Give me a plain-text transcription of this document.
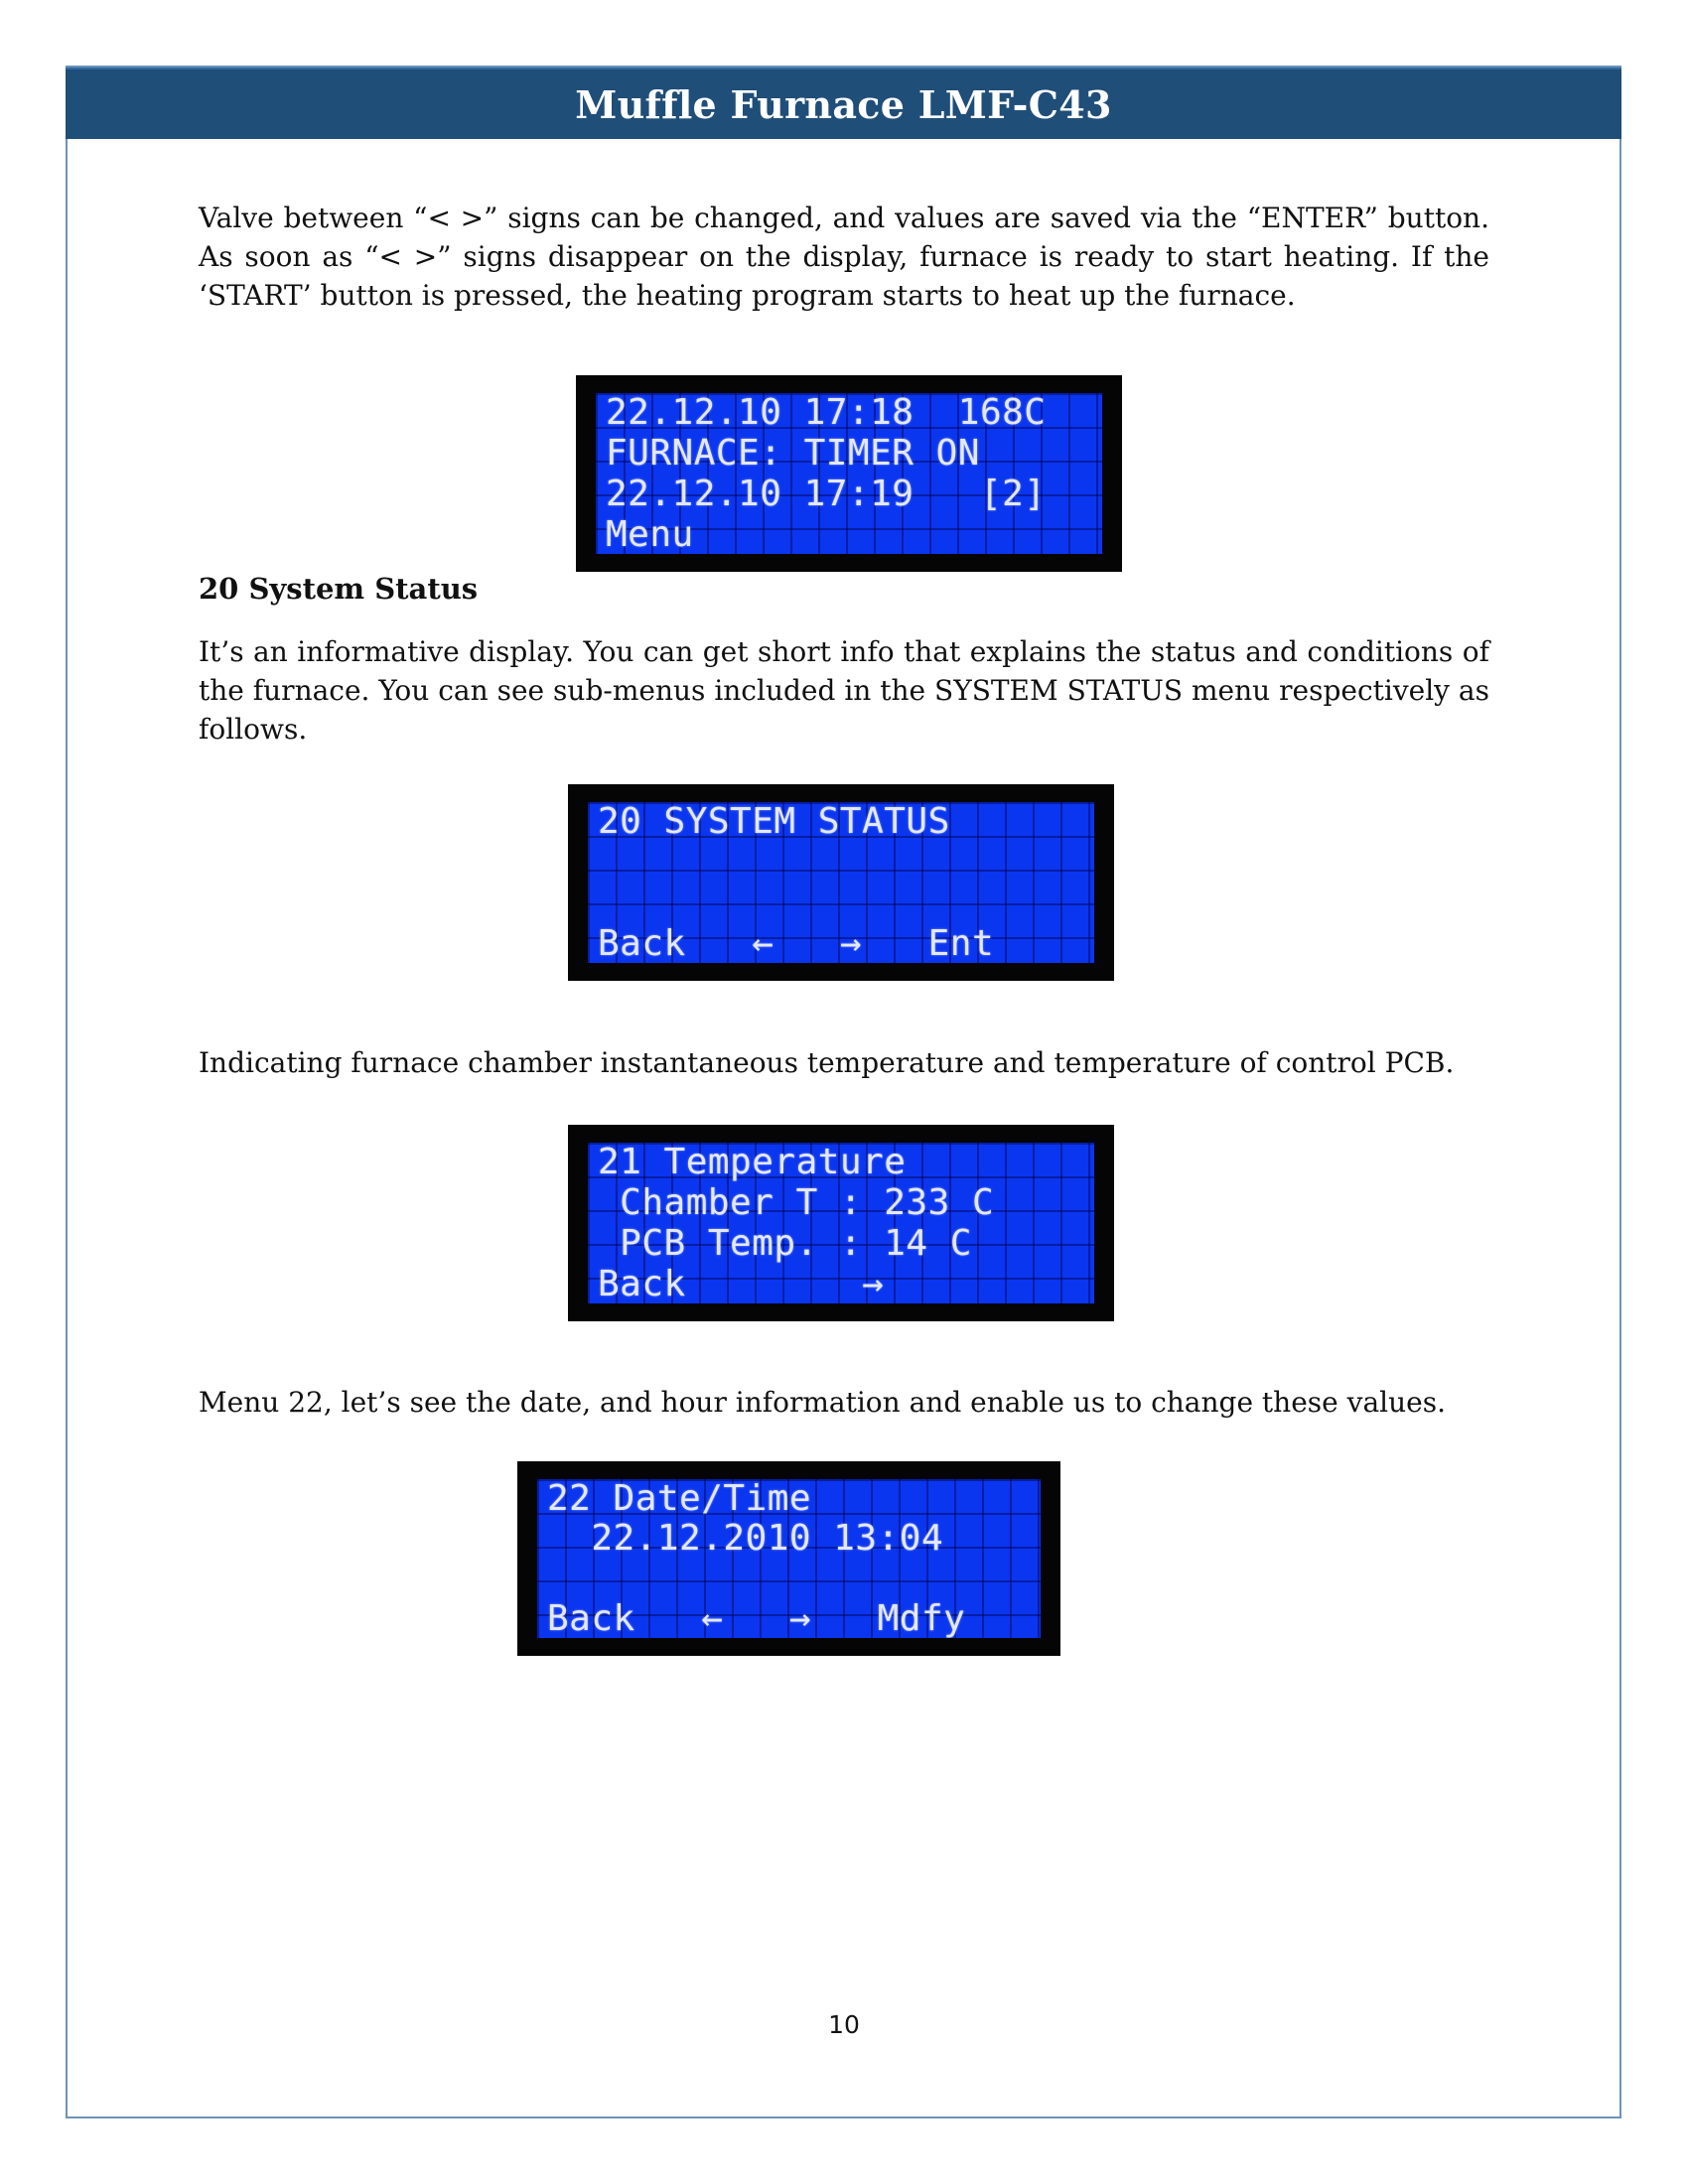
Muffle Furnace LMF-C43

Valve between “< >” signs can be changed, and values are saved via the “ENTER” button. As soon as “< >” signs disappear on the display, furnace is ready to start heating. If the ‘START’ button is pressed, the heating program starts to heat up the furnace.

22.12.10 17:18  168C
FURNACE: TIMER ON
22.12.10 17:19   [2]
Menu
20 System Status

It’s an informative display. You can get short info that explains the status and conditions of the furnace. You can see sub-menus included in the SYSTEM STATUS menu respectively as follows.

20 SYSTEM STATUS
Back   ←   →   Ent

Indicating furnace chamber instantaneous temperature and temperature of control PCB.

21 Temperature
Chamber T : 233 C
PCB Temp. : 14 C
Back        →

Menu 22, let’s see the date, and hour information and enable us to change these values.

22 Date/Time
22.12.2010 13:04
Back   ←   →   Mdfy
10
